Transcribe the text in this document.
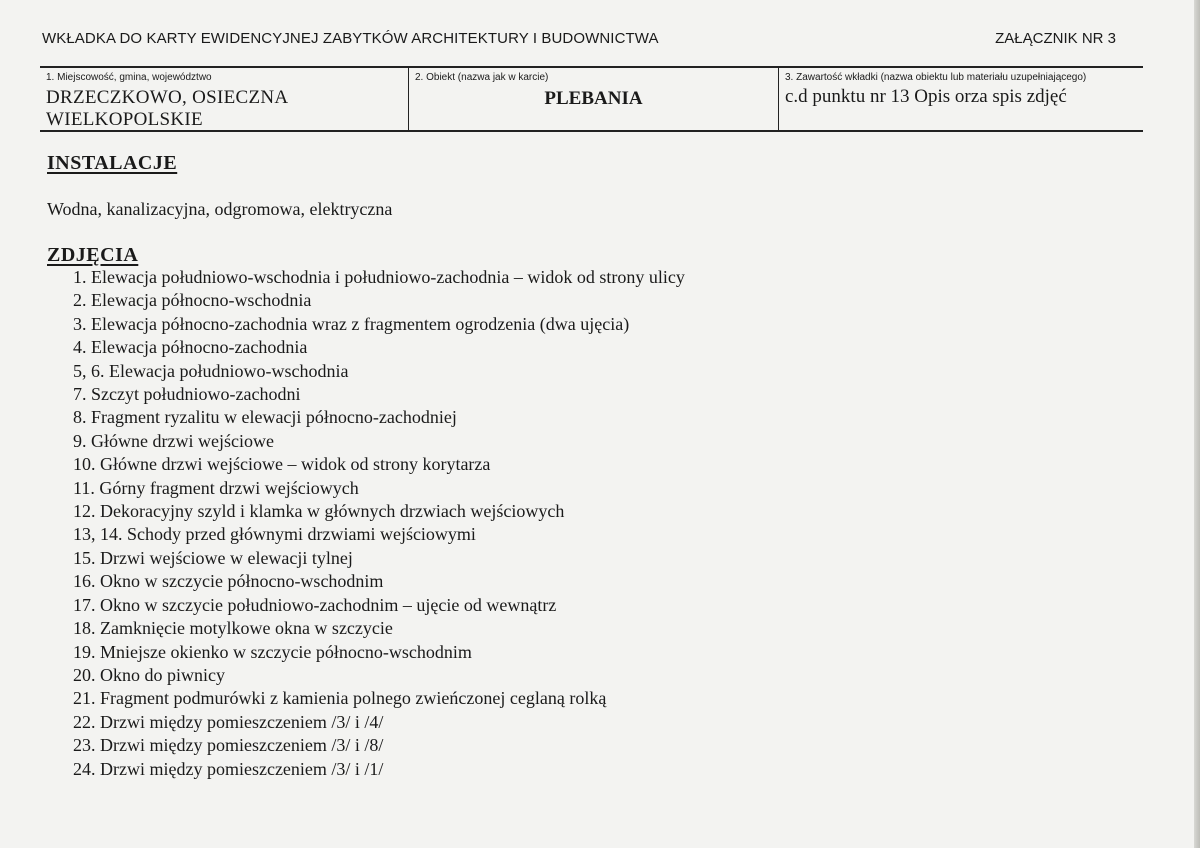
WKŁADKA DO KARTY EWIDENCYJNEJ ZABYTKÓW ARCHITEKTURY I BUDOWNICTWA	ZAŁĄCZNIK NR 3
1. Miejscowość, gmina, województwo
DRZECZKOWO, OSIECZNA
WIELKOPOLSKIE
2. Obiekt (nazwa jak w karcie)
PLEBANIA
3. Zawartość wkładki (nazwa obiektu lub materiału uzupełniającego)
c.d punktu nr 13 Opis orza spis zdjęć
INSTALACJE
Wodna, kanalizacyjna, odgromowa, elektryczna
ZDJĘCIA
1. Elewacja południowo-wschodnia i południowo-zachodnia – widok od strony ulicy
2. Elewacja północno-wschodnia
3. Elewacja północno-zachodnia wraz z fragmentem ogrodzenia (dwa ujęcia)
4. Elewacja północno-zachodnia
5, 6. Elewacja południowo-wschodnia
7. Szczyt południowo-zachodni
8. Fragment ryzalitu w elewacji północno-zachodniej
9. Główne drzwi wejściowe
10. Główne drzwi wejściowe – widok od strony korytarza
11. Górny fragment drzwi wejściowych
12. Dekoracyjny szyld i klamka w głównych drzwiach wejściowych
13, 14. Schody przed głównymi drzwiami wejściowymi
15. Drzwi wejściowe w elewacji tylnej
16. Okno w szczycie północno-wschodnim
17. Okno w szczycie południowo-zachodnim – ujęcie od wewnątrz
18. Zamknięcie motylkowe okna w szczycie
19. Mniejsze okienko w szczycie północno-wschodnim
20. Okno do piwnicy
21. Fragment podmurówki z kamienia polnego zwieńczonej ceglaną rolką
22. Drzwi między pomieszczeniem /3/ i /4/
23. Drzwi między pomieszczeniem /3/ i /8/
24. Drzwi między pomieszczeniem /3/ i /1/
